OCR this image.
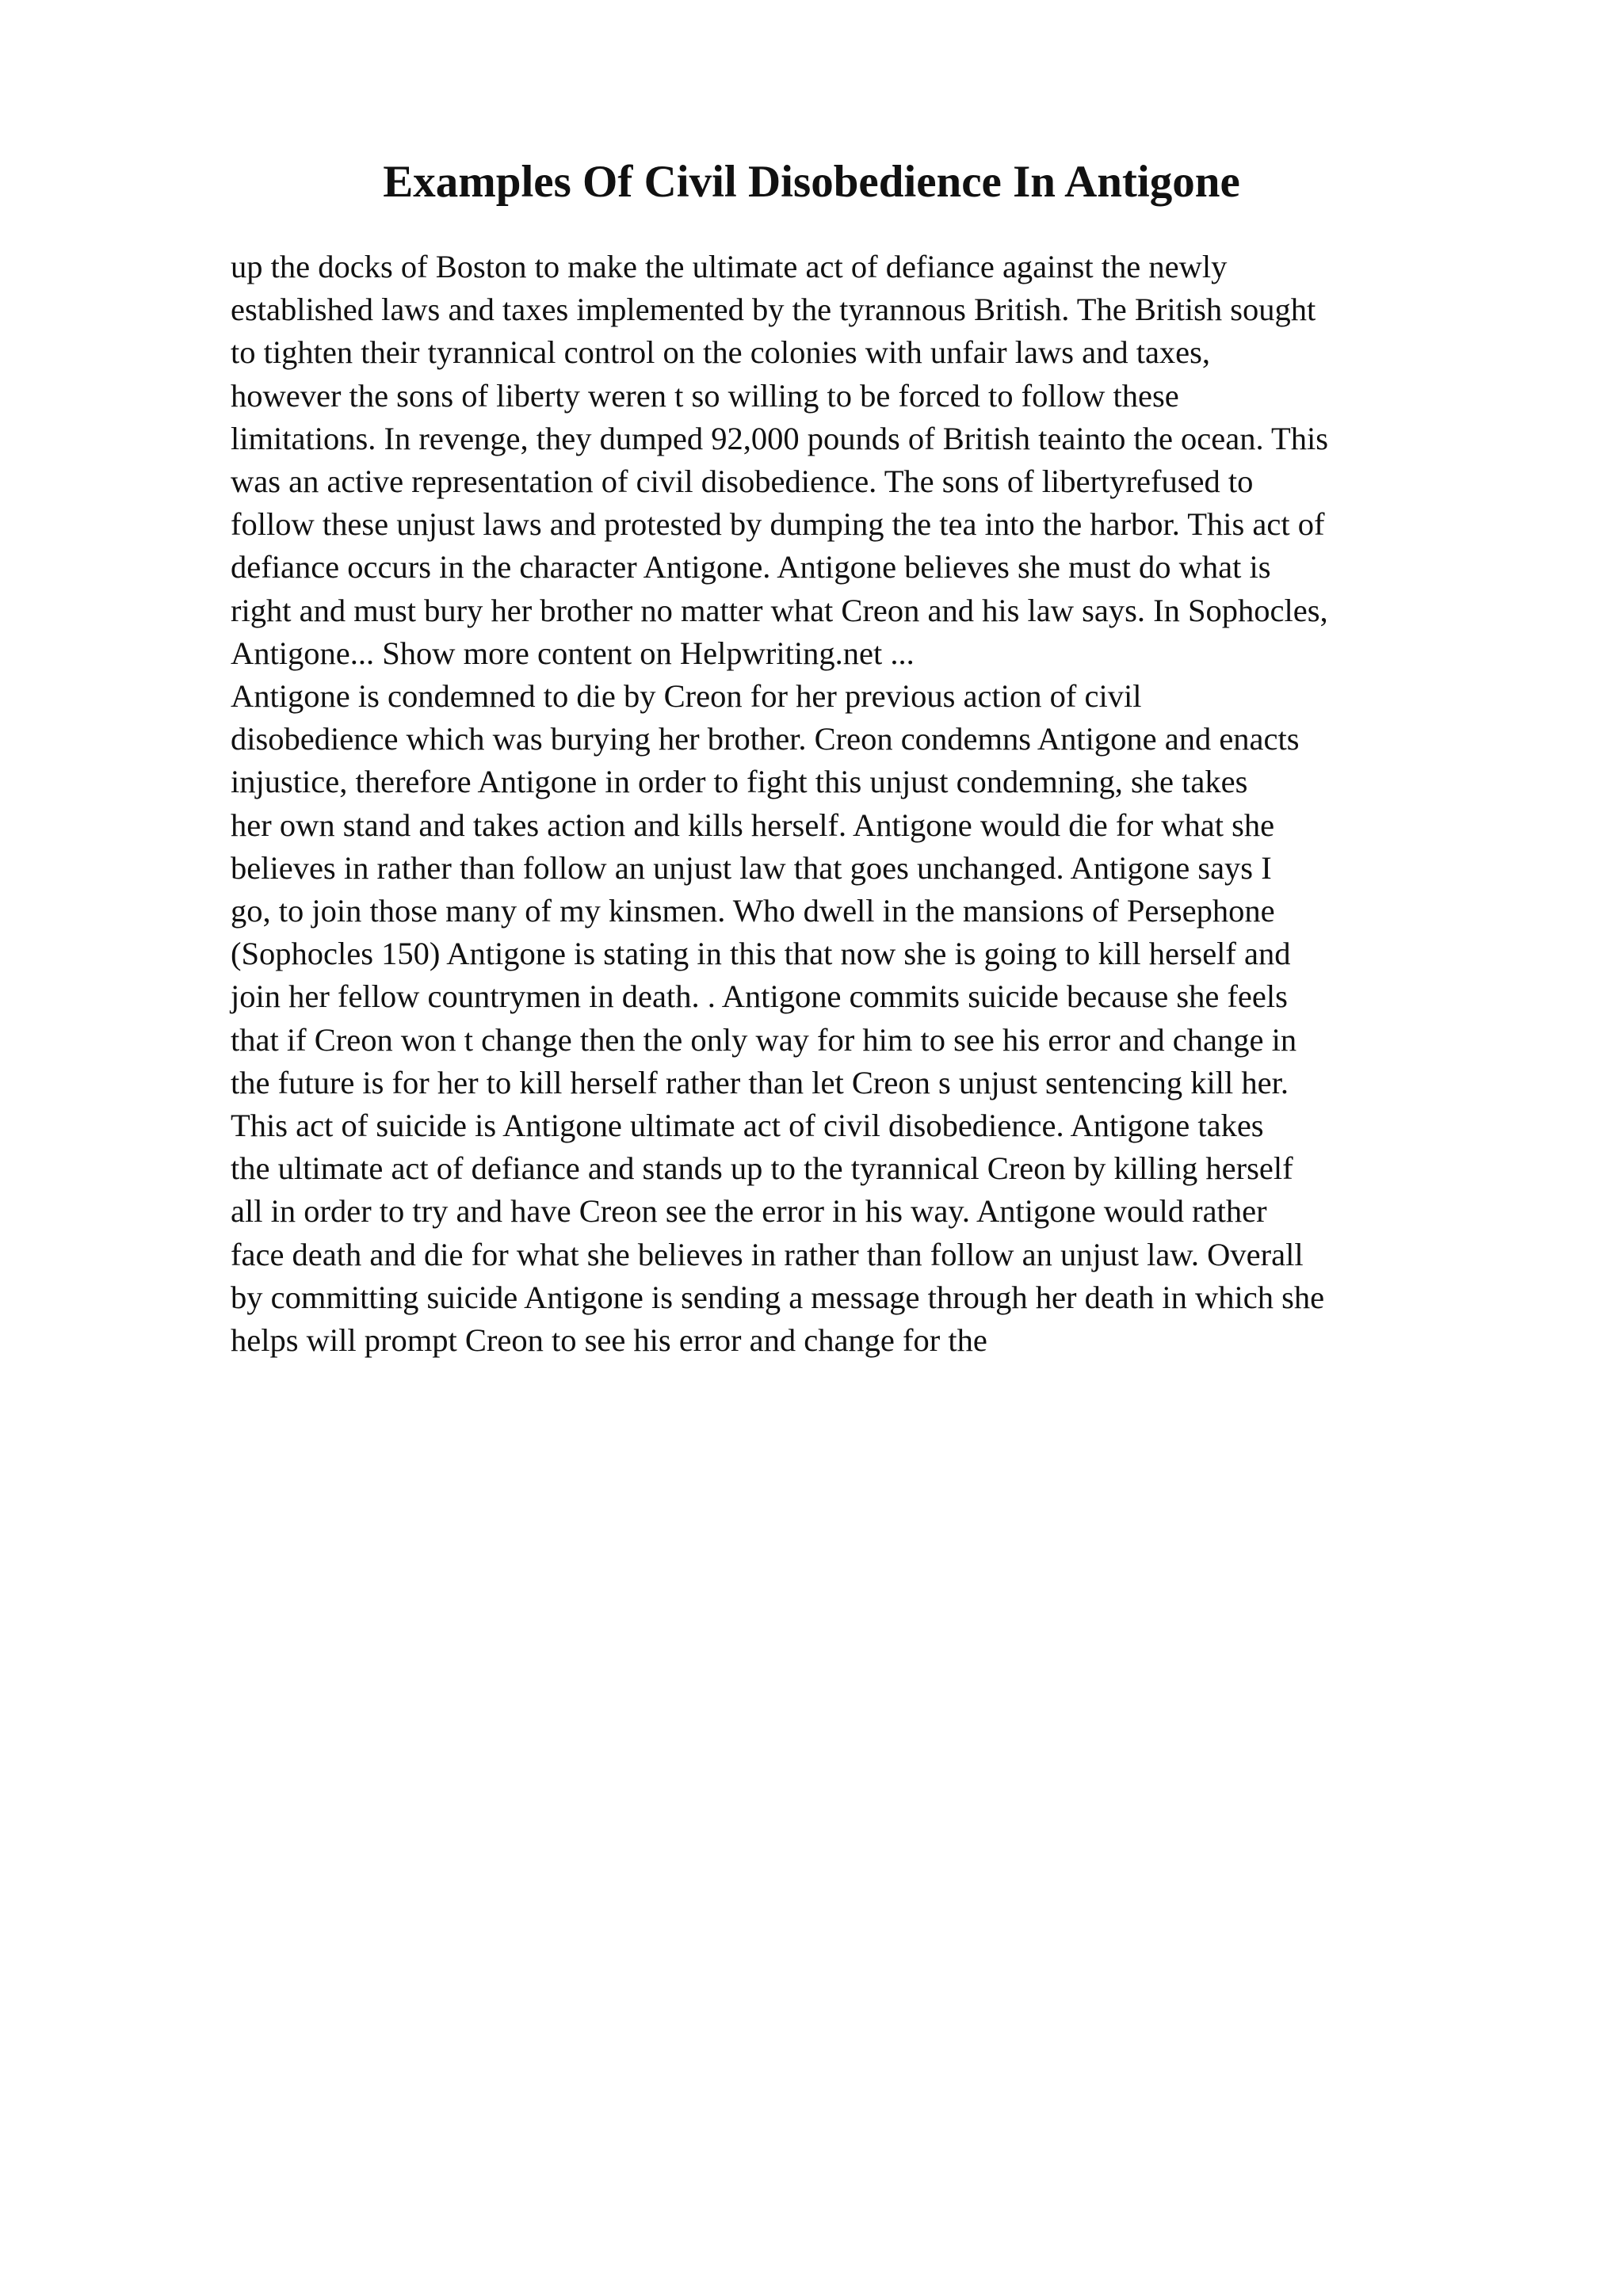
Examples Of Civil Disobedience In Antigone
up the docks of Boston to make the ultimate act of defiance against the newly
established laws and taxes implemented by the tyrannous British. The British sought
to tighten their tyrannical control on the colonies with unfair laws and taxes,
however the sons of liberty weren t so willing to be forced to follow these
limitations. In revenge, they dumped 92,000 pounds of British teainto the ocean. This
was an active representation of civil disobedience. The sons of libertyrefused to
follow these unjust laws and protested by dumping the tea into the harbor. This act of
defiance occurs in the character Antigone. Antigone believes she must do what is
right and must bury her brother no matter what Creon and his law says. In Sophocles,
Antigone... Show more content on Helpwriting.net ...
Antigone is condemned to die by Creon for her previous action of civil
disobedience which was burying her brother. Creon condemns Antigone and enacts
injustice, therefore Antigone in order to fight this unjust condemning, she takes
her own stand and takes action and kills herself. Antigone would die for what she
believes in rather than follow an unjust law that goes unchanged. Antigone says I
go, to join those many of my kinsmen. Who dwell in the mansions of Persephone
(Sophocles 150) Antigone is stating in this that now she is going to kill herself and
join her fellow countrymen in death. . Antigone commits suicide because she feels
that if Creon won t change then the only way for him to see his error and change in
the future is for her to kill herself rather than let Creon s unjust sentencing kill her.
This act of suicide is Antigone ultimate act of civil disobedience. Antigone takes
the ultimate act of defiance and stands up to the tyrannical Creon by killing herself
all in order to try and have Creon see the error in his way. Antigone would rather
face death and die for what she believes in rather than follow an unjust law. Overall
by committing suicide Antigone is sending a message through her death in which she
helps will prompt Creon to see his error and change for the
